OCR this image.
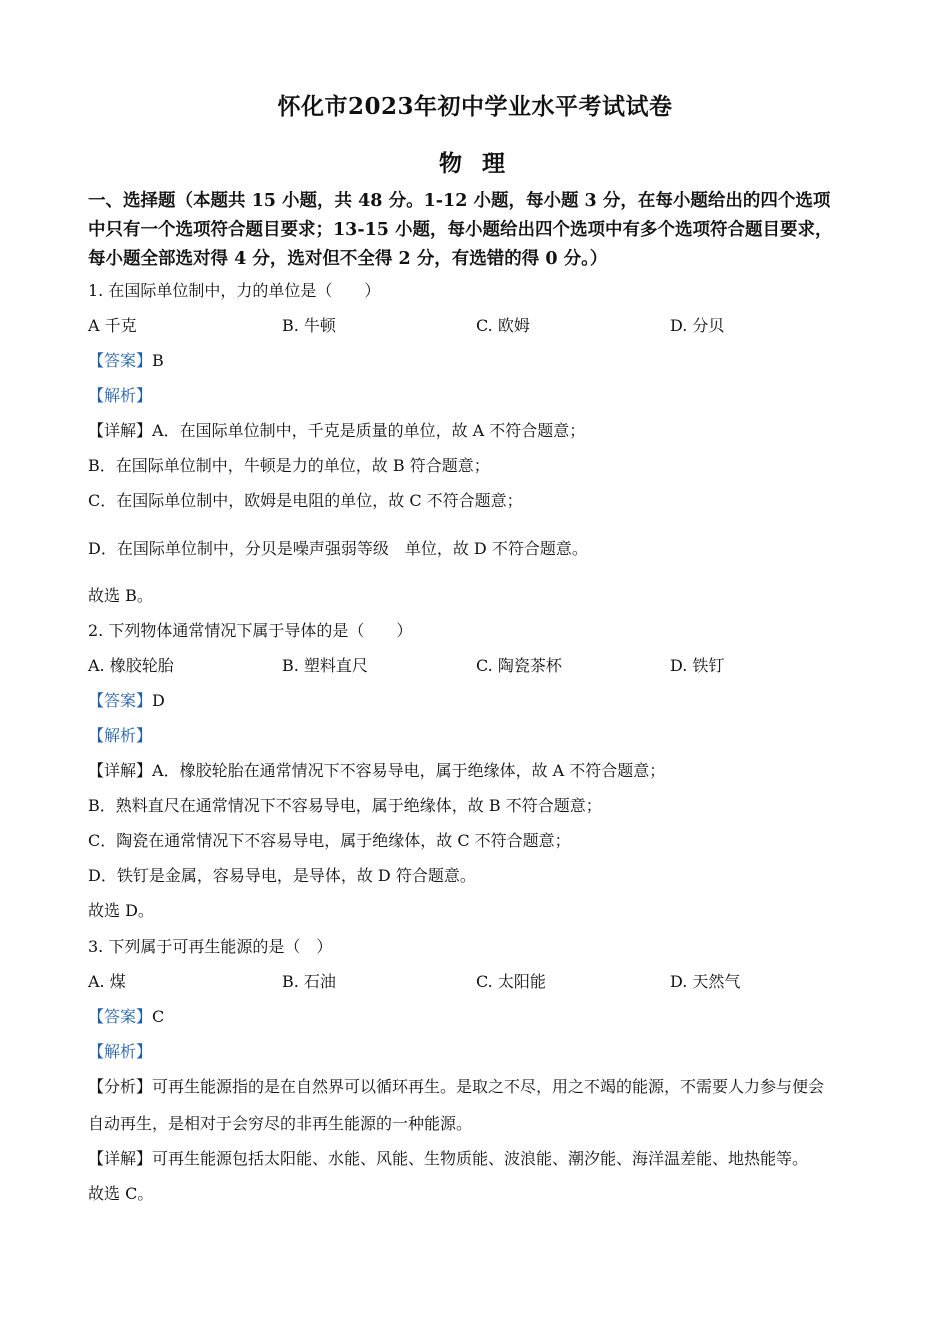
怀化市2023年初中学业水平考试试卷
物 理
一、选择题（本题共 15 小题，共 48 分。1-12 小题，每小题 3 分，在每小题给出的四个选项
中只有一个选项符合题目要求；13-15 小题，每小题给出四个选项中有多个选项符合题目要求，
每小题全部选对得 4 分，选对但不全得 2 分，有选错的得 0 分。）
1. 在国际单位制中，力的单位是（　　）
A 千克	B. 牛顿	C. 欧姆	D. 分贝
【答案】B
【解析】
【详解】A．在国际单位制中，千克是质量的单位，故 A 不符合题意；
B．在国际单位制中，牛顿是力的单位，故 B 符合题意；
C．在国际单位制中，欧姆是电阻的单位，故 C 不符合题意；
D．在国际单位制中，分贝是噪声强弱等级　单位，故 D 不符合题意。
故选 B。
2. 下列物体通常情况下属于导体的是（　　）
A. 橡胶轮胎	B. 塑料直尺	C. 陶瓷茶杯	D. 铁钉
【答案】D
【解析】
【详解】A．橡胶轮胎在通常情况下不容易导电，属于绝缘体，故 A 不符合题意；
B．熟料直尺在通常情况下不容易导电，属于绝缘体，故 B 不符合题意；
C．陶瓷在通常情况下不容易导电，属于绝缘体，故 C 不符合题意；
D．铁钉是金属，容易导电，是导体，故 D 符合题意。
故选 D。
3. 下列属于可再生能源的是（　）
A. 煤	B. 石油	C. 太阳能	D. 天然气
【答案】C
【解析】
【分析】可再生能源指的是在自然界可以循环再生。是取之不尽，用之不竭的能源，不需要人力参与便会
自动再生，是相对于会穷尽的非再生能源的一种能源。
【详解】可再生能源包括太阳能、水能、风能、生物质能、波浪能、潮汐能、海洋温差能、地热能等。
故选 C。
